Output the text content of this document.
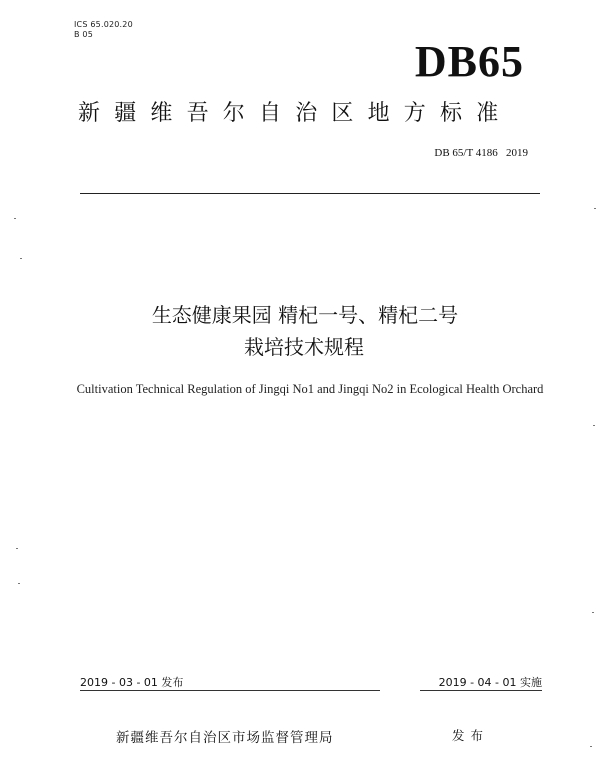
ICS 65.020.20
B 05
DB65
新疆维吾尔自治区地方标准
DB 65/T 4186  2019
生态健康果园 精杞一号、精杞二号
栽培技术规程
Cultivation Technical Regulation of Jingqi No1 and Jingqi No2 in Ecological Health Orchard
2019 - 03 - 01 发布	2019 - 04 - 01 实施
新疆维吾尔自治区市场监督管理局	发布
